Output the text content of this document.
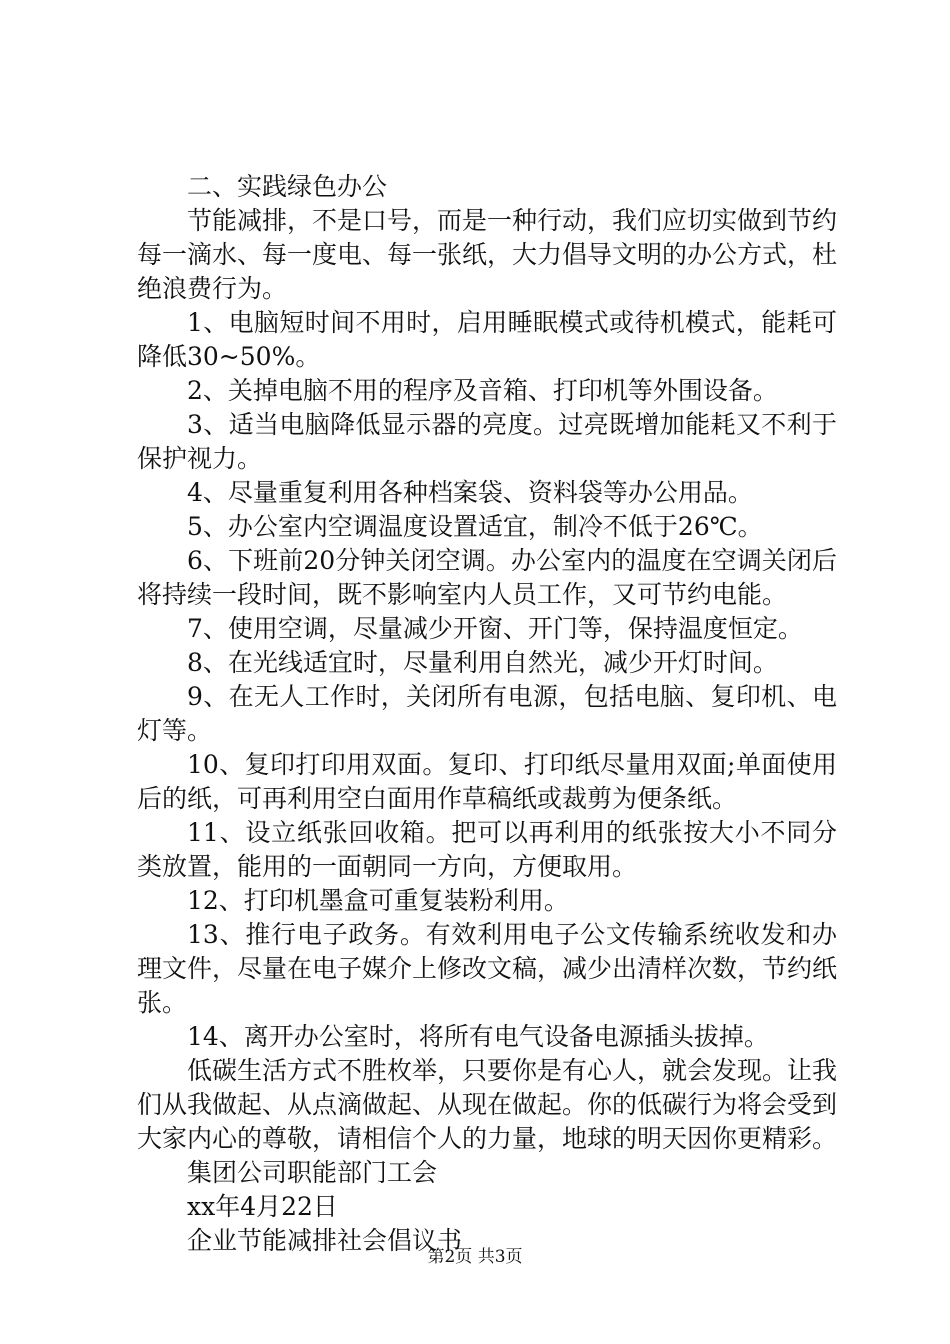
二、实践绿色办公

节能减排，不是口号，而是一种行动，我们应切实做到节约每一滴水、每一度电、每一张纸，大力倡导文明的办公方式，杜绝浪费行为。

1、电脑短时间不用时，启用睡眠模式或待机模式，能耗可降低30~50%。

2、关掉电脑不用的程序及音箱、打印机等外围设备。

3、适当电脑降低显示器的亮度。过亮既增加能耗又不利于保护视力。

4、尽量重复利用各种档案袋、资料袋等办公用品。

5、办公室内空调温度设置适宜，制冷不低于26℃。

6、下班前20分钟关闭空调。办公室内的温度在空调关闭后将持续一段时间，既不影响室内人员工作，又可节约电能。

7、使用空调，尽量减少开窗、开门等，保持温度恒定。

8、在光线适宜时，尽量利用自然光，减少开灯时间。

9、在无人工作时，关闭所有电源，包括电脑、复印机、电灯等。

10、复印打印用双面。复印、打印纸尽量用双面;单面使用后的纸，可再利用空白面用作草稿纸或裁剪为便条纸。

11、设立纸张回收箱。把可以再利用的纸张按大小不同分类放置，能用的一面朝同一方向，方便取用。

12、打印机墨盒可重复装粉利用。

13、推行电子政务。有效利用电子公文传输系统收发和办理文件，尽量在电子媒介上修改文稿，减少出清样次数，节约纸张。

14、离开办公室时，将所有电气设备电源插头拔掉。

低碳生活方式不胜枚举，只要你是有心人，就会发现。让我们从我做起、从点滴做起、从现在做起。你的低碳行为将会受到大家内心的尊敬，请相信个人的力量，地球的明天因你更精彩。

集团公司职能部门工会

xx年4月22日

企业节能减排社会倡议书

第2页 共3页
